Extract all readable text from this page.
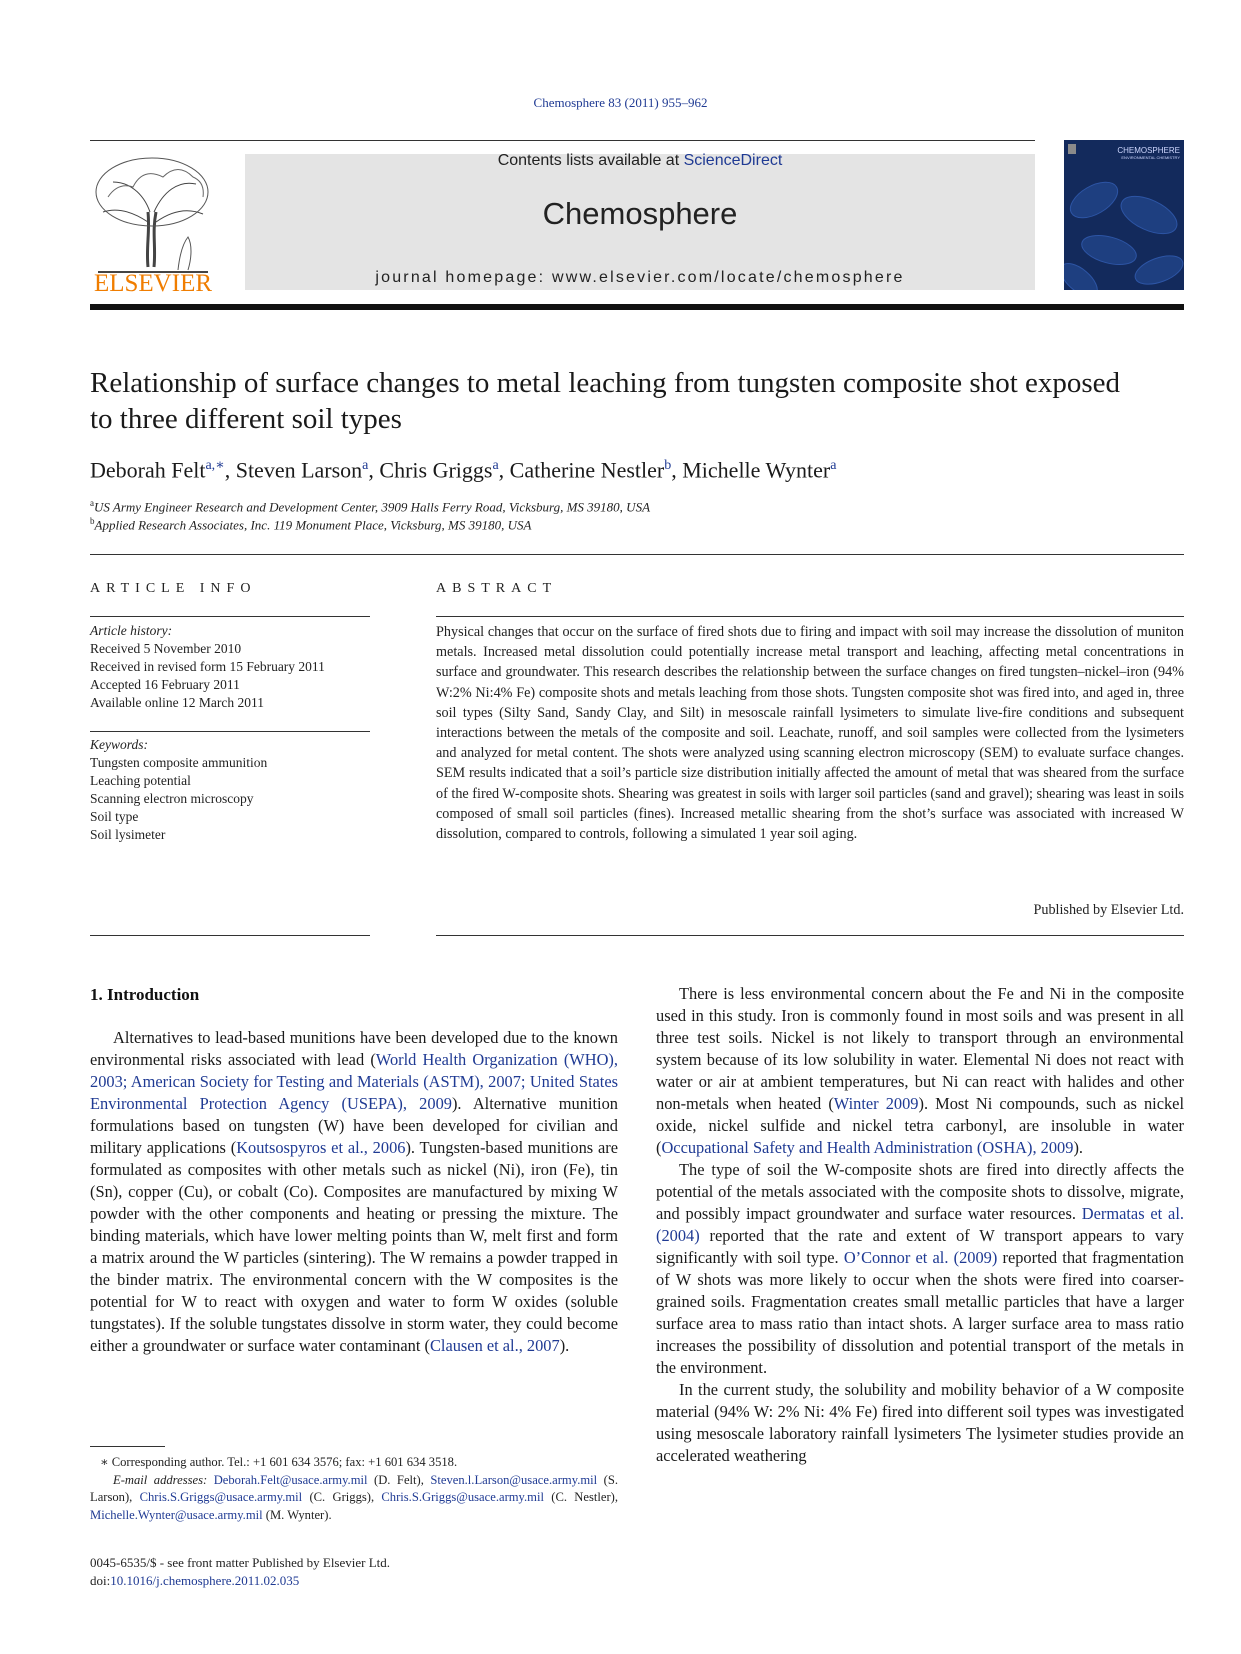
Chemosphere 83 (2011) 955–962
ELSEVIER
Contents lists available at ScienceDirect
Chemosphere
journal homepage: www.elsevier.com/locate/chemosphere
CHEMOSPHERE
ENVIRONMENTAL CHEMISTRY
Relationship of surface changes to metal leaching from tungsten composite shot exposed to three different soil types
Deborah Felt$^{a,∗}$, Steven Larson$^a$, Chris Griggs$^a$, Catherine Nestler$^b$, Michelle Wynter$^a$
$^a$US Army Engineer Research and Development Center, 3909 Halls Ferry Road, Vicksburg, MS 39180, USA
$^b$Applied Research Associates, Inc. 119 Monument Place, Vicksburg, MS 39180, USA
ARTICLE INFO	ABSTRACT
Article history:
Received 5 November 2010
Received in revised form 15 February 2011
Accepted 16 February 2011
Available online 12 March 2011
Keywords:
Tungsten composite ammunition
Leaching potential
Scanning electron microscopy
Soil type
Soil lysimeter

Physical changes that occur on the surface of fired shots due to firing and impact with soil may increase the dissolution of muniton metals. Increased metal dissolution could potentially increase metal transport and leaching, affecting metal concentrations in surface and groundwater. This research describes the relationship between the surface changes on fired tungsten–nickel–iron (94% W:2% Ni:4% Fe) composite shots and metals leaching from those shots. Tungsten composite shot was fired into, and aged in, three soil types (Silty Sand, Sandy Clay, and Silt) in mesoscale rainfall lysimeters to simulate live-fire conditions and subsequent interactions between the metals of the composite and soil. Leachate, runoff, and soil samples were collected from the lysimeters and analyzed for metal content. The shots were analyzed using scanning electron microscopy (SEM) to evaluate surface changes. SEM results indicated that a soil’s particle size distribution initially affected the amount of metal that was sheared from the surface of the fired W-composite shots. Shearing was greatest in soils with larger soil particles (sand and gravel); shearing was least in soils composed of small soil particles (fines). Increased metallic shearing from the shot’s surface was associated with increased W dissolution, compared to controls, following a simulated 1 year soil aging.

Published by Elsevier Ltd.
1. Introduction

Alternatives to lead-based munitions have been developed due to the known environmental risks associated with lead (World Health Organization (WHO), 2003; American Society for Testing and Materials (ASTM), 2007; United States Environmental Protection Agency (USEPA), 2009). Alternative munition formulations based on tungsten (W) have been developed for civilian and military applications (Koutsospyros et al., 2006). Tungsten-based munitions are formulated as composites with other metals such as nickel (Ni), iron (Fe), tin (Sn), copper (Cu), or cobalt (Co). Composites are manufactured by mixing W powder with the other components and heating or pressing the mixture. The binding materials, which have lower melting points than W, melt first and form a matrix around the W particles (sintering). The W remains a powder trapped in the binder matrix. The environmental concern with the W composites is the potential for W to react with oxygen and water to form W oxides (soluble tungstates). If the soluble tungstates dissolve in storm water, they could become either a groundwater or surface water contaminant (Clausen et al., 2007).

There is less environmental concern about the Fe and Ni in the composite used in this study. Iron is commonly found in most soils and was present in all three test soils. Nickel is not likely to transport through an environmental system because of its low solubility in water. Elemental Ni does not react with water or air at ambient temperatures, but Ni can react with halides and other non-metals when heated (Winter 2009). Most Ni compounds, such as nickel oxide, nickel sulfide and nickel tetra carbonyl, are insoluble in water (Occupational Safety and Health Administration (OSHA), 2009).

The type of soil the W-composite shots are fired into directly affects the potential of the metals associated with the composite shots to dissolve, migrate, and possibly impact groundwater and surface water resources. Dermatas et al. (2004) reported that the rate and extent of W transport appears to vary significantly with soil type. O’Connor et al. (2009) reported that fragmentation of W shots was more likely to occur when the shots were fired into coarser-grained soils. Fragmentation creates small metallic particles that have a larger surface area to mass ratio than intact shots. A larger surface area to mass ratio increases the possibility of dissolution and potential transport of the metals in the environment.

In the current study, the solubility and mobility behavior of a W composite material (94% W: 2% Ni: 4% Fe) fired into different soil types was investigated using mesoscale laboratory rainfall lysimeters The lysimeter studies provide an accelerated weathering

∗ Corresponding author. Tel.: +1 601 634 3576; fax: +1 601 634 3518.
E-mail addresses: Deborah.Felt@usace.army.mil (D. Felt), Steven.l.Larson@usace.army.mil (S. Larson), Chris.S.Griggs@usace.army.mil (C. Griggs), Chris.S.Griggs@usace.army.mil (C. Nestler), Michelle.Wynter@usace.army.mil (M. Wynter).
0045-6535/$ - see front matter Published by Elsevier Ltd.
doi:10.1016/j.chemosphere.2011.02.035
